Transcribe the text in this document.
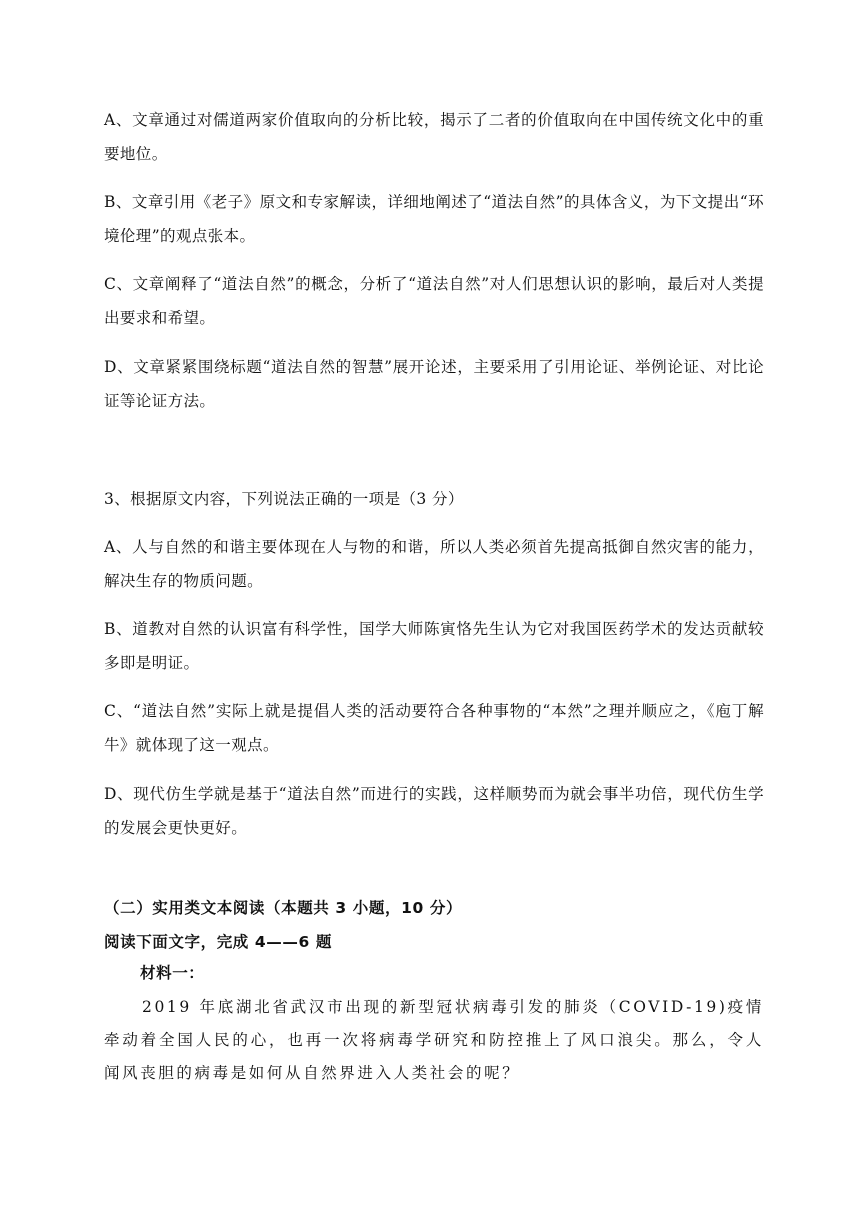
A、文章通过对儒道两家价值取向的分析比较，揭示了二者的价值取向在中国传统文化中的重要地位。
B、文章引用《老子》原文和专家解读，详细地阐述了“道法自然”的具体含义，为下文提出“环境伦理”的观点张本。
C、文章阐释了“道法自然”的概念，分析了“道法自然”对人们思想认识的影响，最后对人类提出要求和希望。
D、文章紧紧围绕标题“道法自然的智慧”展开论述，主要采用了引用论证、举例论证、对比论证等论证方法。
3、根据原文内容，下列说法正确的一项是（3 分）
A、人与自然的和谐主要体现在人与物的和谐，所以人类必须首先提高抵御自然灾害的能力，解决生存的物质问题。
B、道教对自然的认识富有科学性，国学大师陈寅恪先生认为它对我国医药学术的发达贡献较多即是明证。
C、“道法自然”实际上就是提倡人类的活动要符合各种事物的“本然”之理并顺应之，《庖丁解牛》就体现了这一观点。
D、现代仿生学就是基于“道法自然”而进行的实践，这样顺势而为就会事半功倍，现代仿生学的发展会更快更好。
（二）实用类文本阅读（本题共 3 小题，10 分）
阅读下面文字，完成 4——6 题
材料一：
2019 年底湖北省武汉市出现的新型冠状病毒引发的肺炎（COVID-19)疫情牵动着全国人民的心，也再一次将病毒学研究和防控推上了风口浪尖。那么，令人闻风丧胆的病毒是如何从自然界进入人类社会的呢？
